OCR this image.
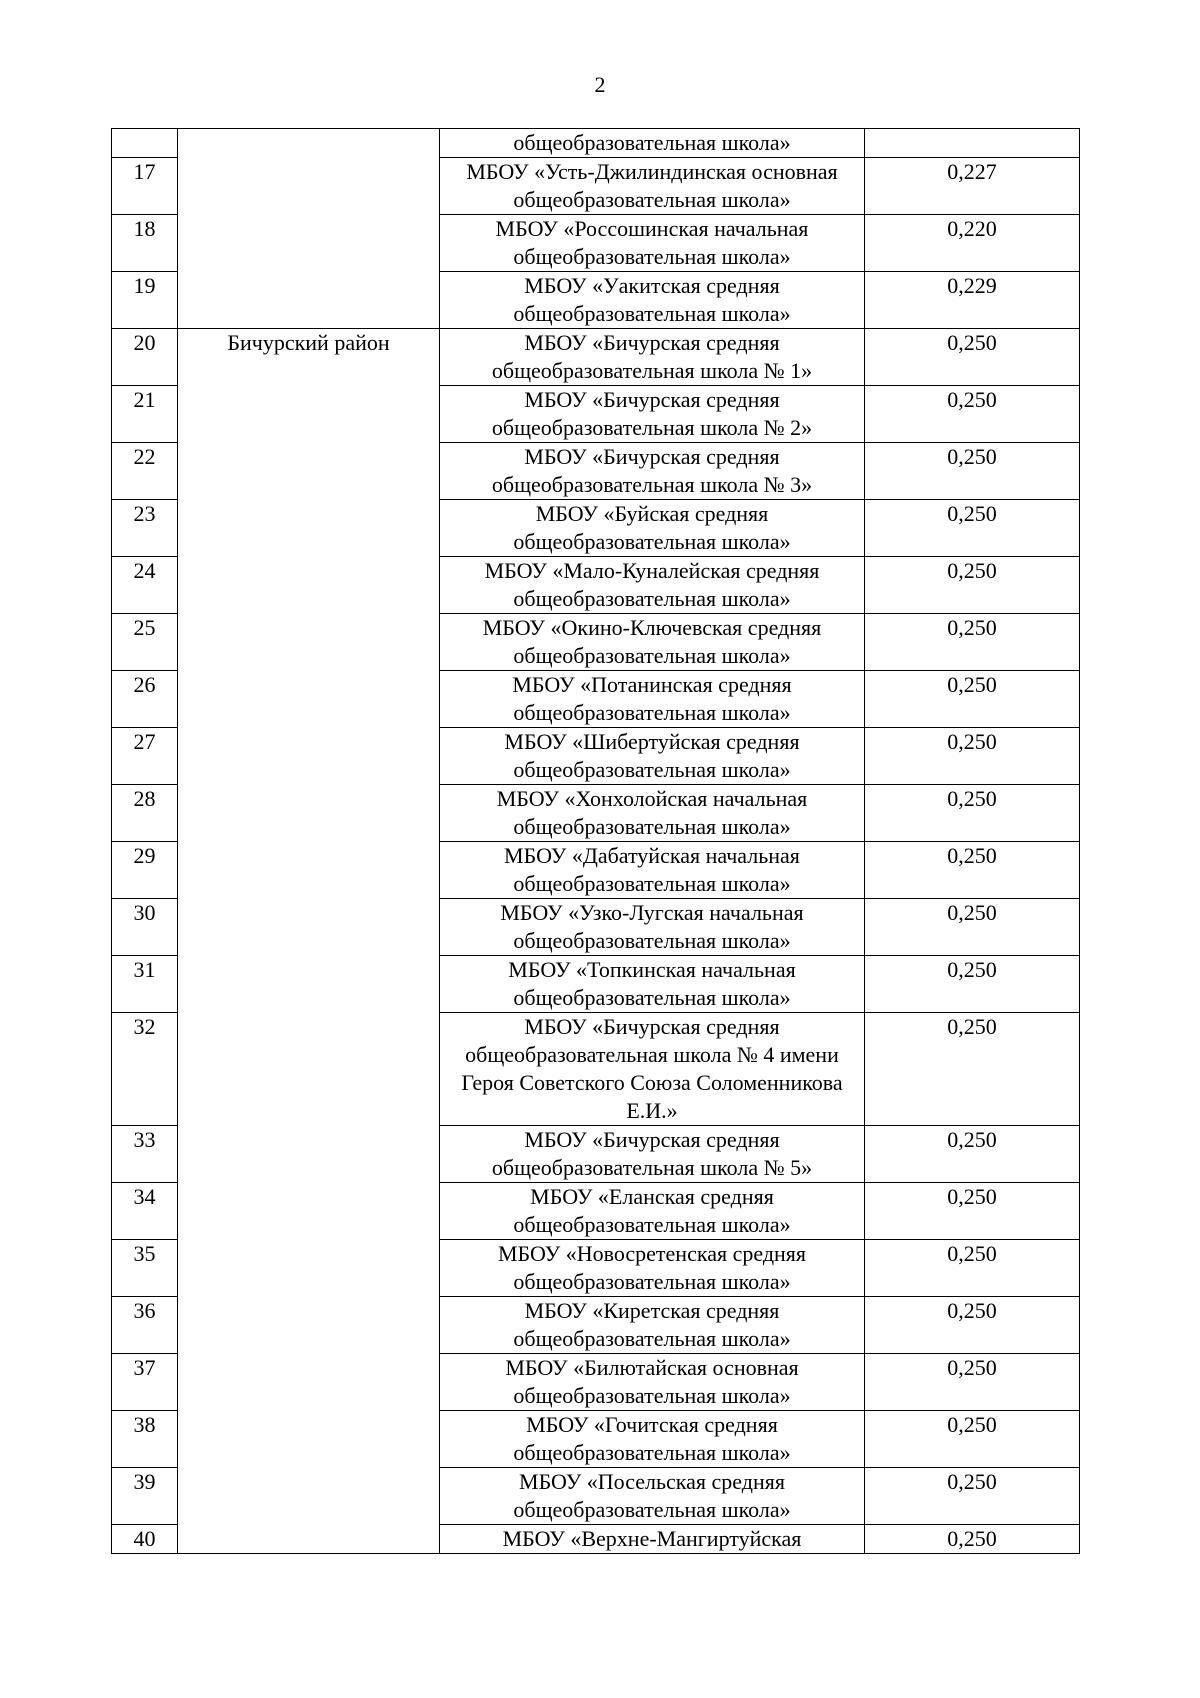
2
		общеобразовательная школа»	
17		МБОУ «Усть-Джилиндинская основная общеобразовательная школа»	0,227
18		МБОУ «Россошинская начальная общеобразовательная школа»	0,220
19		МБОУ «Уакитская средняя общеобразовательная школа»	0,229
20	Бичурский район	МБОУ «Бичурская средняя общеобразовательная школа № 1»	0,250
21		МБОУ «Бичурская средняя общеобразовательная школа № 2»	0,250
22		МБОУ «Бичурская средняя общеобразовательная школа № 3»	0,250
23		МБОУ «Буйская средняя общеобразовательная школа»	0,250
24		МБОУ «Мало-Куналейская средняя общеобразовательная школа»	0,250
25		МБОУ «Окино-Ключевская средняя общеобразовательная школа»	0,250
26		МБОУ «Потанинская средняя общеобразовательная школа»	0,250
27		МБОУ «Шибертуйская средняя общеобразовательная школа»	0,250
28		МБОУ «Хонхолойская начальная общеобразовательная школа»	0,250
29		МБОУ «Дабатуйская начальная общеобразовательная школа»	0,250
30		МБОУ «Узко-Лугская начальная общеобразовательная школа»	0,250
31		МБОУ «Топкинская начальная общеобразовательная школа»	0,250
32		МБОУ «Бичурская средняя общеобразовательная школа № 4 имени Героя Советского Союза Соломенникова Е.И.»	0,250
33		МБОУ «Бичурская средняя общеобразовательная школа № 5»	0,250
34		МБОУ «Еланская средняя общеобразовательная школа»	0,250
35		МБОУ «Новосретенская средняя общеобразовательная школа»	0,250
36		МБОУ «Киретская средняя общеобразовательная школа»	0,250
37		МБОУ «Билютайская основная общеобразовательная школа»	0,250
38		МБОУ «Гочитская средняя общеобразовательная школа»	0,250
39		МБОУ «Посельская средняя общеобразовательная школа»	0,250
40		МБОУ «Верхне-Мангиртуйская	0,250
